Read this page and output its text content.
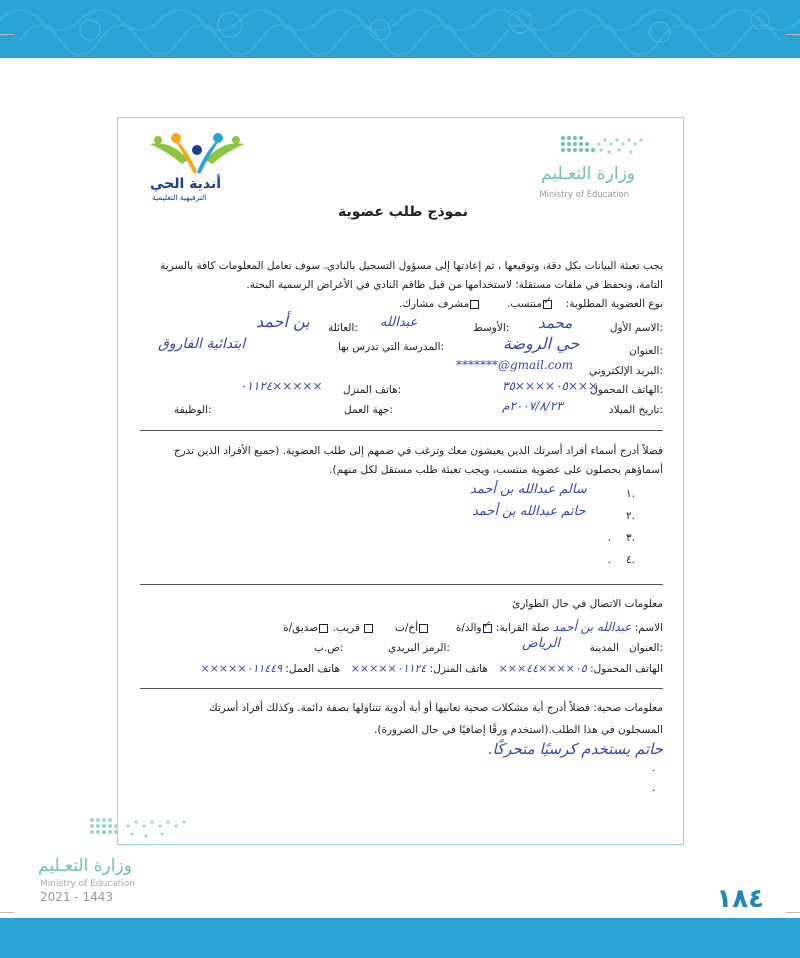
وزارة التعـليم
Ministry of Education
أندية الحي
الترفيهية التعليمية
نموذج طلب عضوية
يجب تعبئة البيانات بكل دقة، وتوقيعها ، ثم إعادتها إلى مسؤول التسجيل بالنادي. سوف تعامل المعلومات كافة بالسرية
التامة، وتحفظ في ملفات مستقلة؛ لاستخدامها من قبل طاقم النادي في الأغراض الرسمية البحتة.
نوع العضوية المطلوبة:  ✓منتسب.  مشرف مشارك.
الاسم الأول:
محمد
الأوسط:
عبدالله
العائلة:
بن أحمد
العنوان:
حي الروضة
المدرسة التي تدرس بها:
ابتدائية الفاروق
البريد الإلكتروني:
*******@gmail.com
الهاتف المحمول:
٠٥××××٣٥×××
هاتف المنزل:
٠١١٢٤×××××
تاريخ الميلاد:
٢٠٠٧/٨/٢٣م
جهة العمل:
الوظيفة:
فضلاً أدرج أسماء أفراد أسرتك الذين يعيشون معك وترغب في ضمهم إلى طلب العضوية. (جميع الأفراد الذين تدرج
أسماؤهم يحصلون على عضوية منتسب، ويجب تعبئة طلب مستقل لكل منهم).
١.
سالم عبدالله بن أحمد
٢.
حاتم عبدالله بن أحمد
٣.
.
٤.
.
معلومات الاتصال في حال الطوارئ
الاسم: عبدالله بن أحمد صلة القرابة: ✓والد/ة  أخ/ت   قريب. صديق/ة
العنوان:
المدينة
الرياض
الرمز البريدي:
ص.ب:
الهاتف المحمول: ٠٥××××٤٤×××  هاتف المنزل: ٠١١٢٤×××××  هاتف العمل: ٠١١٤٤٩×××××
معلومات صحية: فضلاً أدرج أية مشكلات صحية تعانيها أو أية أدوية تتناولها بصفة دائمة. وكذلك أفراد أسرتك
المسجلون في هذا الطلب.(استخدم ورقًا إضافيًا في حال الضرورة).
حاتم يستخدم كرسيًا متحركًا.
.
.
وزارة التعـليم
Ministry of Education
2021 - 1443	١٨٤
